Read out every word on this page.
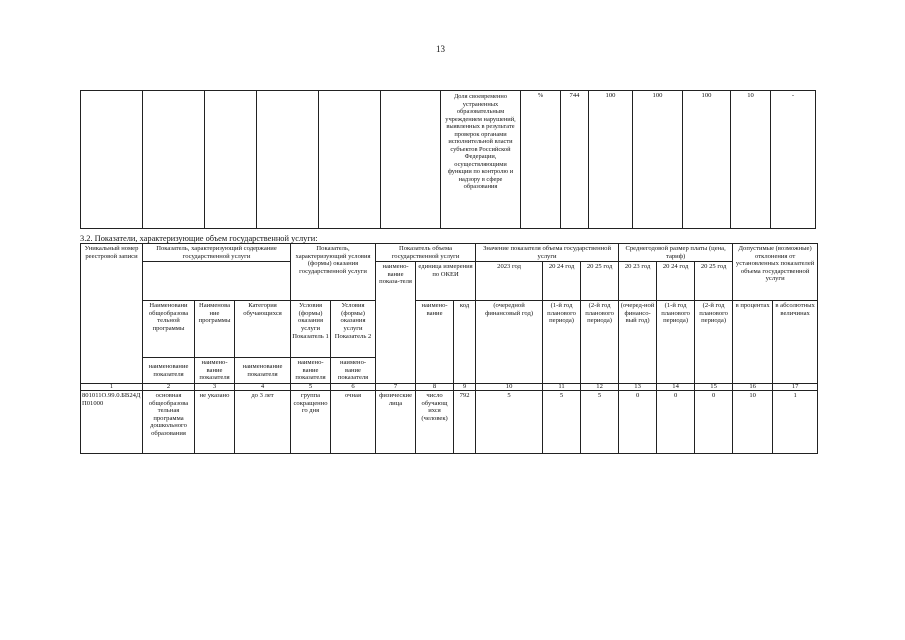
13
						Доля своевременно устраненных образовательным учреждением нарушений, выявленных в результате проверок органами исполнительной власти субъектов Российской Федерации, осуществляющими функции по контролю и надзору в сфере образования	%	744	100	100	100	10	-
3.2. Показатели, характеризующие объем государственной услуги:
Уникальный номер реестровой записи	Показатель, характеризующий содержание государственной услуги			Показатель, характеризующий условия (формы) оказания государственной услуги		Показатель объема государственной услуги			Значение показателя объема государственной услуги			Среднегодовой размер платы (цена, тариф)			Допустимые (возможные) отклонения от установленных показателей объема государственной услуги	
						наимено-вание показа-теля	единица измерения по ОКЕИ		2023 год	20 24 год	20 25 год	20 23 год	20 24 год	20 25 год		
	Наименовани общеобразова тельной программы	Наименова ние программы	Категория обучающихся	Условия (формы) оказания услуги Показатель 1	Условия (формы) оказания услуги Показатель 2		наимено-вание	код	(очередной финансовый год)	(1-й год планового периода)	(2-й год планового периода)	(очеред-ной финансо-вый год)	(1-й год планового периода)	(2-й год планового периода)	в процентах	в абсолютных величинах

	наименование показателя	наимено-вание показателя	наименование показателя	наимено-вание показателя	наимено-вание показателя											
1	2	3	4	5	6	7	8	9	10	11	12	13	14	15	16	17
801011О.99.0.БВ24ДП01000	основная общеобразова тельная программа дошкольного образования	не указано	до 3 лет	группа сокращенно го дня	очная	физические лица	число обучающ ихся (человек)	792	5	5	5	0	0	0	10	1
